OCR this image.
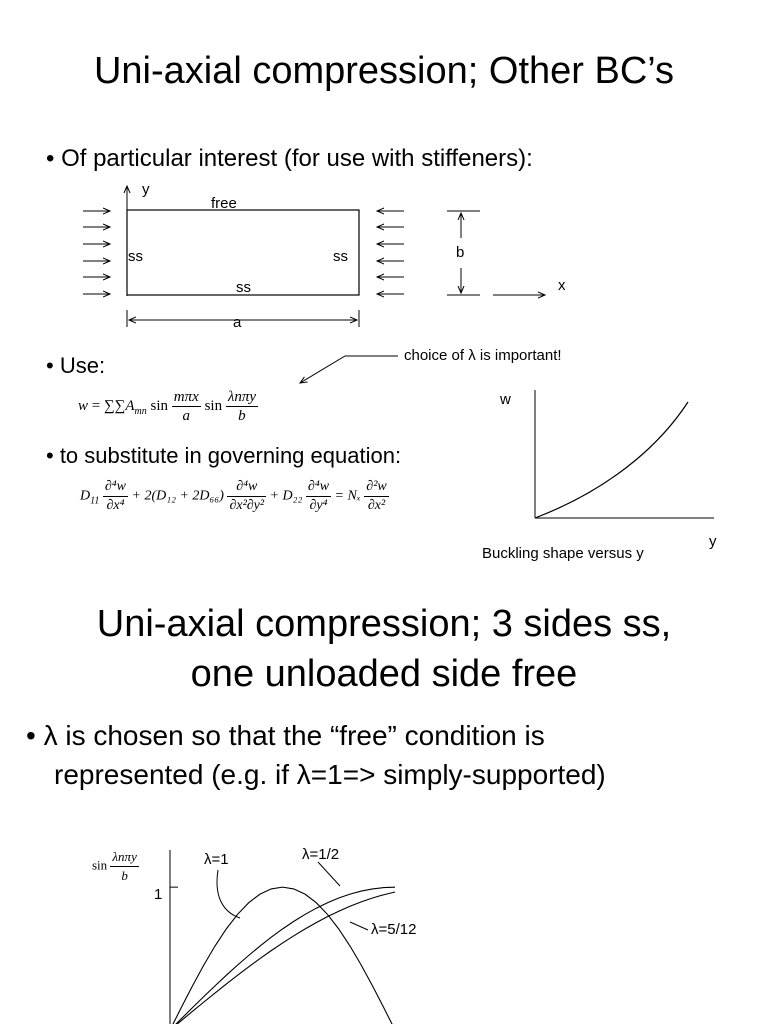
Uni-axial compression; Other BC’s
• Of particular interest (for use with stiffeners):
y
free
ss	ss
ss
a
b
x
• Use:	choice of λ is important!
$w = \sum\sum A_{mn}$ $\sin \frac{\text{mπx}}{a}$ $\sin \frac{\text{λnπy}}{b}$
• to substitute in governing equation:
$D_{11} \frac{\text{∂⁴w}}{\text{∂x⁴}} + 2(D_{12} + 2D_{66}) \frac{\text{∂⁴w}}{\text{∂x²∂y²}} + D_{22} \frac{\text{∂⁴w}}{\text{∂y⁴}} = N_x \frac{\text{∂²w}}{\text{∂x²}}$
w
y
Buckling shape versus y
Uni-axial compression; 3 sides ss,
one unloaded side free
• λ is chosen so that the “free” condition is
represented (e.g. if λ=1=> simply-supported)
$\sin \frac{\text{λnπy}}{b}$
1
λ=1	λ=1/2
λ=5/12
